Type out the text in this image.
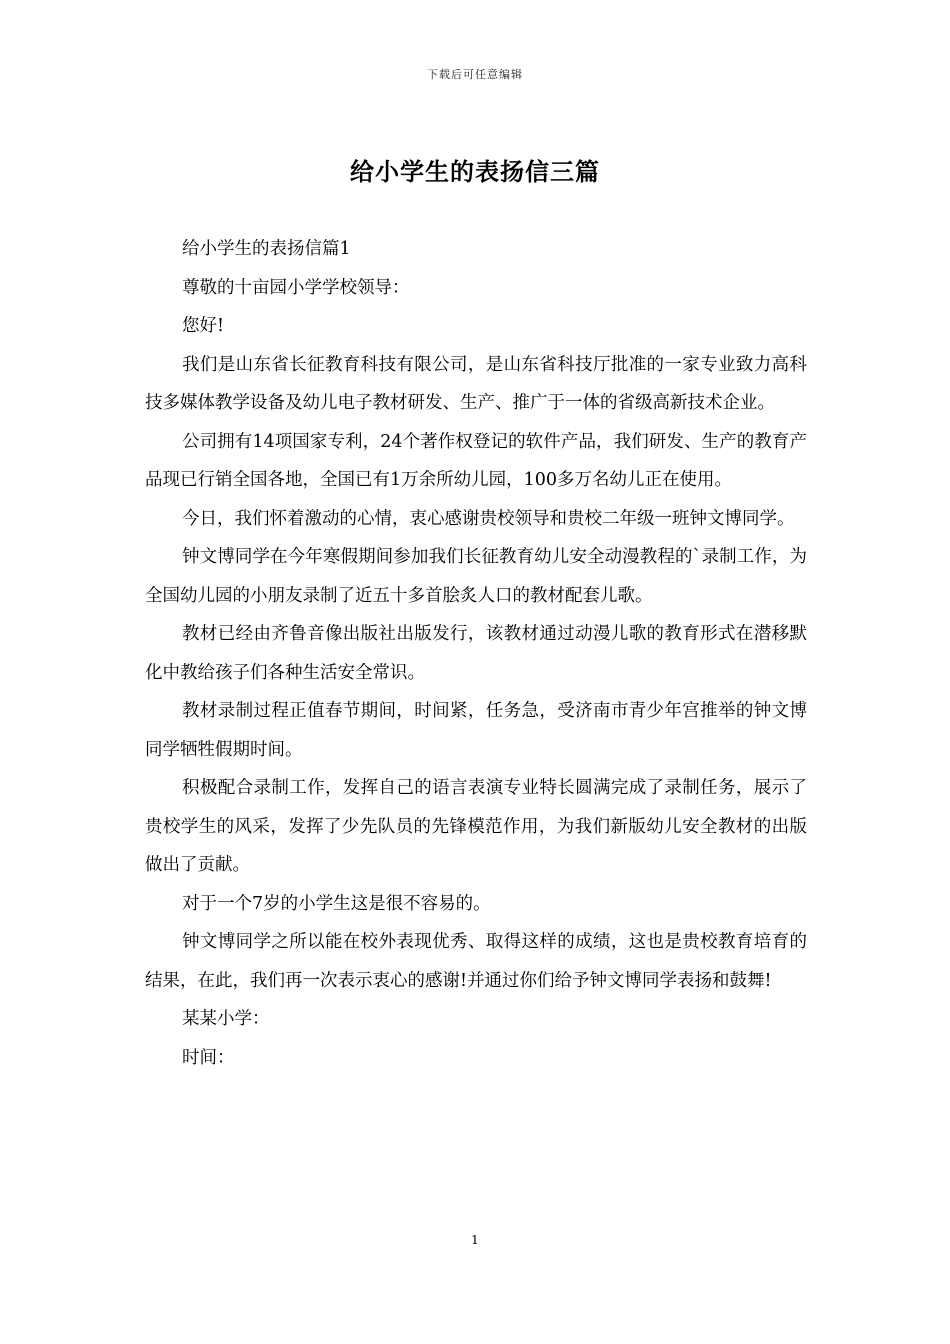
下载后可任意编辑
给小学生的表扬信三篇

给小学生的表扬信篇1

尊敬的十亩园小学学校领导：

您好!

我们是山东省长征教育科技有限公司，是山东省科技厅批准的一家专业致力高科技多媒体教学设备及幼儿电子教材研发、生产、推广于一体的省级高新技术企业。

公司拥有14项国家专利，24个著作权登记的软件产品，我们研发、生产的教育产品现已行销全国各地，全国已有1万余所幼儿园，100多万名幼儿正在使用。

今日，我们怀着激动的心情，衷心感谢贵校领导和贵校二年级一班钟文博同学。

钟文博同学在今年寒假期间参加我们长征教育幼儿安全动漫教程的`录制工作，为全国幼儿园的小朋友录制了近五十多首脍炙人口的教材配套儿歌。

教材已经由齐鲁音像出版社出版发行，该教材通过动漫儿歌的教育形式在潜移默化中教给孩子们各种生活安全常识。

教材录制过程正值春节期间，时间紧，任务急，受济南市青少年宫推举的钟文博同学牺牲假期时间。

积极配合录制工作，发挥自己的语言表演专业特长圆满完成了录制任务，展示了贵校学生的风采，发挥了少先队员的先锋模范作用，为我们新版幼儿安全教材的出版做出了贡献。

对于一个7岁的小学生这是很不容易的。

钟文博同学之所以能在校外表现优秀、取得这样的成绩，这也是贵校教育培育的结果，在此，我们再一次表示衷心的感谢!并通过你们给予钟文博同学表扬和鼓舞!

某某小学：

时间：

1
